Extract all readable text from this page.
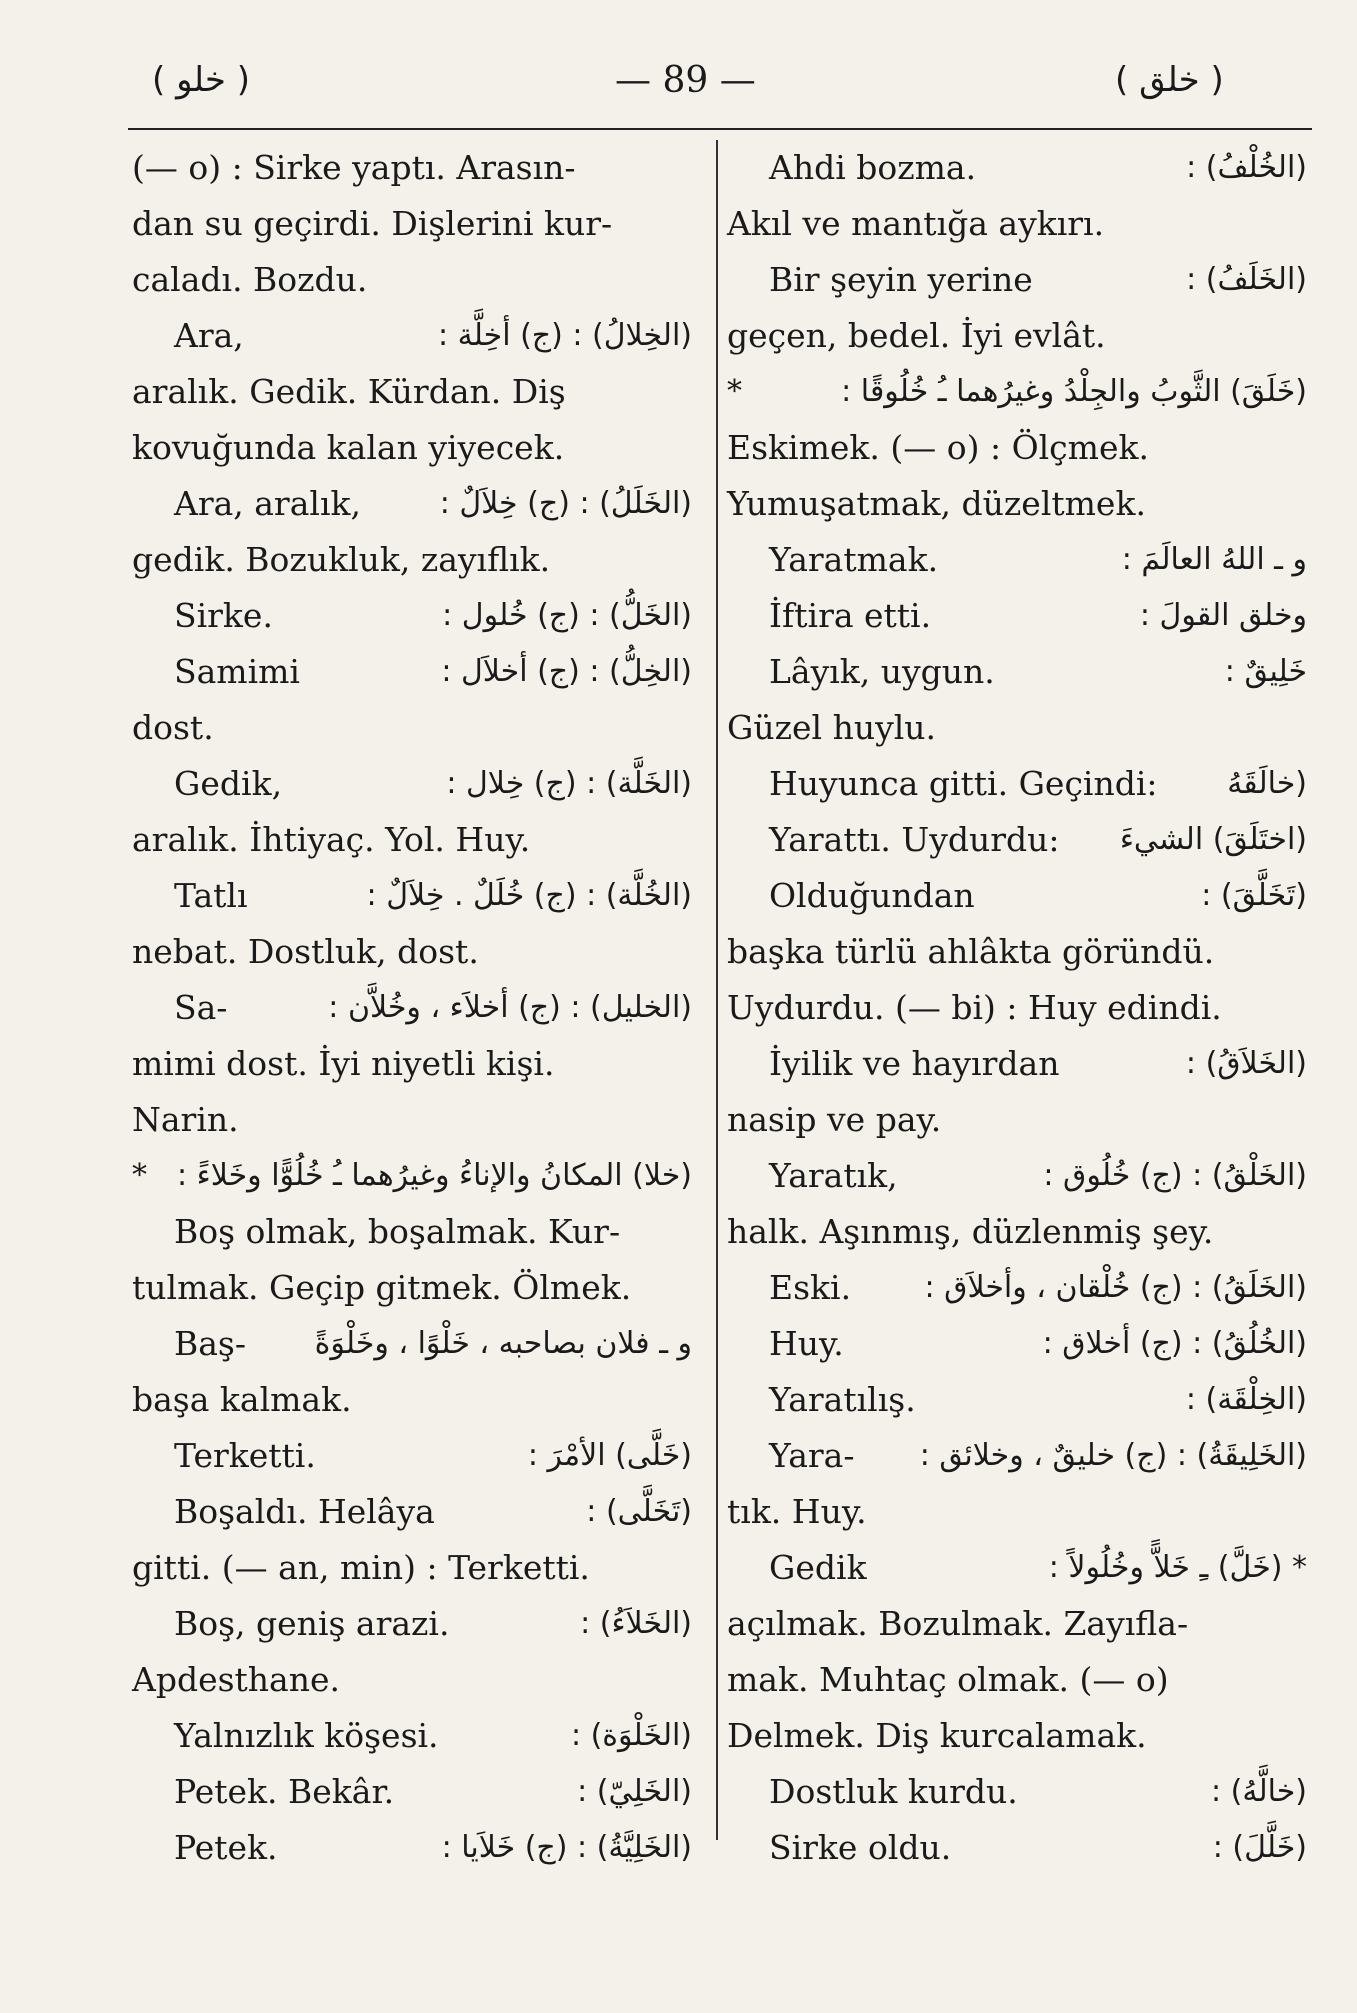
( خلو )	— 89 —	( خلق )
(— o) : Sirke yaptı. Arasın-
dan su geçirdi. Dişlerini kur-
caladı. Bozdu.
Ara,	(الخِلالُ) : (ج) أخِلَّة :
aralık. Gedik. Kürdan. Diş
kovuğunda kalan yiyecek.
Ara, aralık,	(الخَلَلُ) : (ج) خِلاَلٌ :
gedik. Bozukluk, zayıflık.
Sirke.	(الخَلُّ) : (ج) خُلول :
Samimi	(الخِلُّ) : (ج) أخلاَل :
dost.
Gedik,	(الخَلَّة) : (ج) خِلال :
aralık. İhtiyaç. Yol. Huy.
Tatlı	(الخُلَّة) : (ج) خُلَلٌ . خِلاَلٌ :
nebat. Dostluk, dost.
Sa-	(الخليل) : (ج) أخلاَء ، وخُلاَّن :
mimi dost. İyi niyetli kişi.
Narin.
* (خلا) المكانُ والإناءُ وغيرُهما ـُ خُلُوًّا وخَلاءً :
Boş olmak, boşalmak. Kur-
tulmak. Geçip gitmek. Ölmek.
Baş- و ـ فلان بصاحبه ، خَلْوًا ، وخَلْوَةً
başa kalmak.
Terketti.	(خَلَّى) الأمْرَ :
Boşaldı. Helâya	(تَخَلَّى) :
gitti. (— an, min) : Terketti.
Boş, geniş arazi.	(الخَلاَءُ) :
Apdesthane.
Yalnızlık köşesi.	(الخَلْوَة) :
Petek. Bekâr.	(الخَلِيّ) :
Petek.	(الخَلِيَّةُ) : (ج) خَلاَيا :
Ahdi bozma.	(الخُلْفُ) :
Akıl ve mantığa aykırı.
Bir şeyin yerine	(الخَلَفُ) :
geçen, bedel. İyi evlât.
*	(خَلَقَ) الثَّوبُ والجِلْدُ وغيرُهما ـُ خُلُوقًا :
Eskimek. (— o) : Ölçmek.
Yumuşatmak, düzeltmek.
Yaratmak.	و ـ اللهُ العالَمَ :
İftira etti.	وخلق القولَ :
Lâyık, uygun.	خَلِيقٌ :
Güzel huylu.
Huyunca gitti. Geçindi: (خالَقَهُ
Yarattı. Uydurdu: (اختَلَقَ) الشيءَ
Olduğundan	(تَخَلَّقَ) :
başka türlü ahlâkta göründü.
Uydurdu. (— bi) : Huy edindi.
İyilik ve hayırdan	(الخَلاَقُ) :
nasip ve pay.
Yaratık,	(الخَلْقُ) : (ج) خُلُوق :
halk. Aşınmış, düzlenmiş şey.
Eski. (الخَلَقُ) : (ج) خُلْقان ، وأخلاَق :
Huy.	(الخُلُقُ) : (ج) أخلاق :
Yaratılış.	(الخِلْقَة) :
Yara- (الخَلِيقَةُ) : (ج) خليقٌ ، وخلائق :
tık. Huy.
Gedik	* (خَلَّ) ـِ خَلاًّ وخُلُولاً :
açılmak. Bozulmak. Zayıfla-
mak. Muhtaç olmak. (— o)
Delmek. Diş kurcalamak.
Dostluk kurdu.	(خالَّهُ) :
Sirke oldu.	(خَلَّلَ) :
